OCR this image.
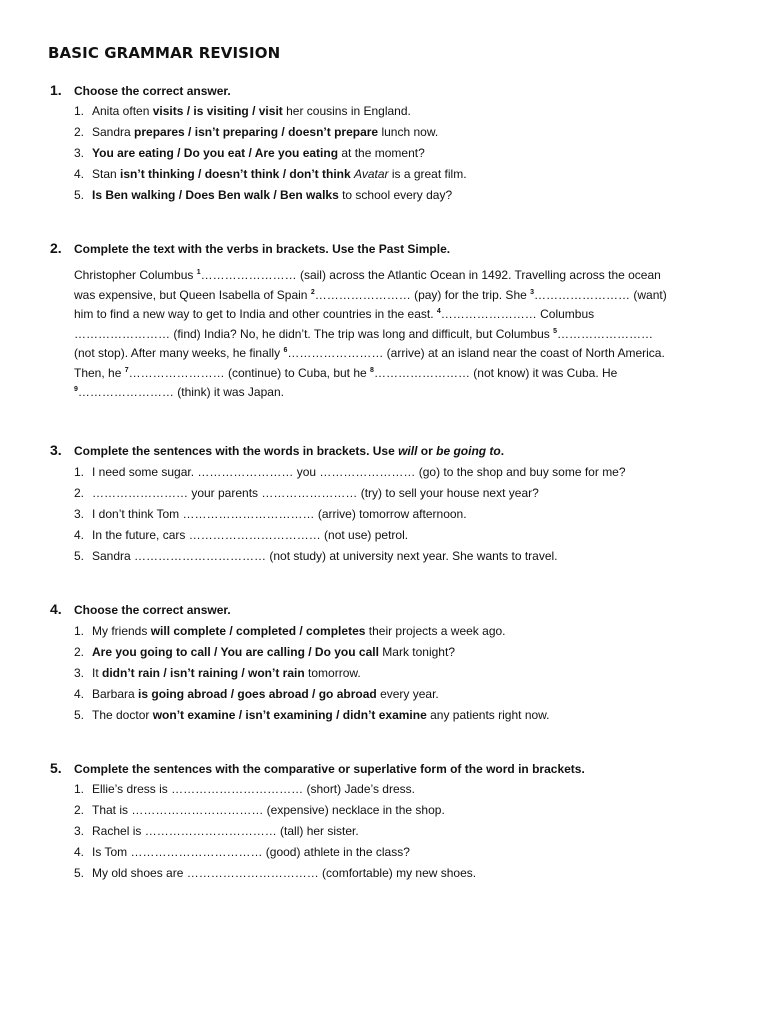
BASIC GRAMMAR REVISION
1. Choose the correct answer.
1. Anita often visits / is visiting / visit her cousins in England.
2. Sandra prepares / isn’t preparing / doesn’t prepare lunch now.
3. You are eating / Do you eat / Are you eating at the moment?
4. Stan isn’t thinking / doesn’t think / don’t think Avatar is a great film.
5. Is Ben walking / Does Ben walk / Ben walks to school every day?
2. Complete the text with the verbs in brackets. Use the Past Simple.
Christopher Columbus $^1$…………………… (sail) across the Atlantic Ocean in 1492. Travelling across the ocean
was expensive, but Queen Isabella of Spain $^2$…………………… (pay) for the trip. She $^3$…………………… (want)
him to find a new way to get to India and other countries in the east. $^4$…………………… Columbus
…………………… (find) India? No, he didn’t. The trip was long and difficult, but Columbus $^5$……………………
(not stop). After many weeks, he finally $^6$…………………… (arrive) at an island near the coast of North America.
Then, he $^7$…………………… (continue) to Cuba, but he $^8$…………………… (not know) it was Cuba. He
$^9$…………………… (think) it was Japan.
3. Complete the sentences with the words in brackets. Use will or be going to.
1. I need some sugar. …………………… you …………………… (go) to the shop and buy some for me?
2. …………………… your parents …………………… (try) to sell your house next year?
3. I don’t think Tom …………………………… (arrive) tomorrow afternoon.
4. In the future, cars …………………………… (not use) petrol.
5. Sandra …………………………… (not study) at university next year. She wants to travel.
4. Choose the correct answer.
1. My friends will complete / completed / completes their projects a week ago.
2. Are you going to call / You are calling / Do you call Mark tonight?
3. It didn’t rain / isn’t raining / won’t rain tomorrow.
4. Barbara is going abroad / goes abroad / go abroad every year.
5. The doctor won’t examine / isn’t examining / didn’t examine any patients right now.
5. Complete the sentences with the comparative or superlative form of the word in brackets.
1. Ellie’s dress is …………………………… (short) Jade’s dress.
2. That is …………………………… (expensive) necklace in the shop.
3. Rachel is …………………………… (tall) her sister.
4. Is Tom …………………………… (good) athlete in the class?
5. My old shoes are …………………………… (comfortable) my new shoes.
